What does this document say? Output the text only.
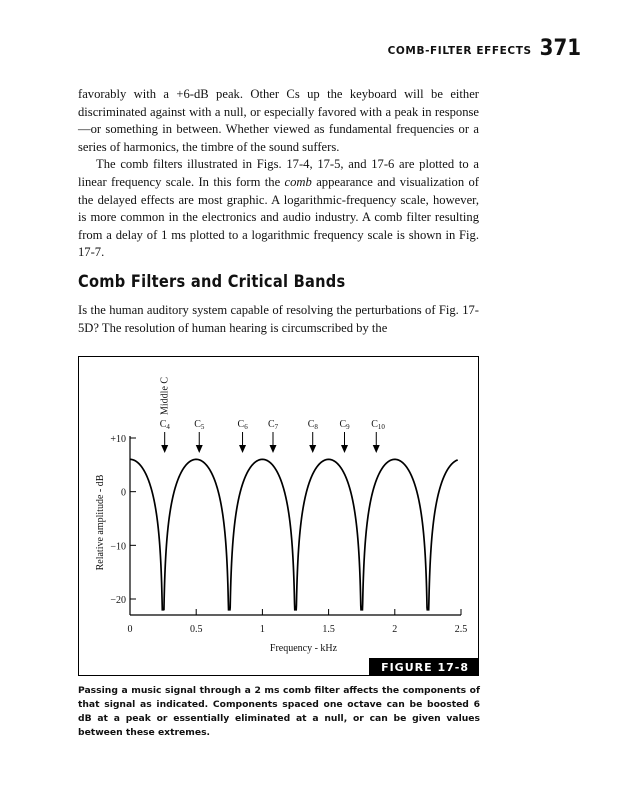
COMB-FILTER EFFECTS 371

favorably with a +6-dB peak. Other Cs up the keyboard will be either discriminated against with a null, or especially favored with a peak in response—or something in between. Whether viewed as fundamental frequencies or a series of harmonics, the timbre of the sound suffers.

The comb filters illustrated in Figs. 17-4, 17-5, and 17-6 are plotted to a linear frequency scale. In this form the comb appearance and visualization of the delayed effects are most graphic. A logarithmic-frequency scale, however, is more common in the electronics and audio industry. A comb filter resulting from a delay of 1 ms plotted to a logarithmic frequency scale is shown in Fig. 17-7.

Comb Filters and Critical Bands

Is the human auditory system capable of resolving the perturbations of Fig. 17-5D? The resolution of human hearing is circumscribed by the

+10
0
−10
−20
0	0.5	1	1.5	2	2.5
Frequency - kHz
Relative amplitude - dB
Middle C
$C_4$ $C_5$	$C_6$ $C_7$	$C_8$ $C_9$ $C_{10}$
FIGURE 17-8

Passing a music signal through a 2 ms comb filter affects the components of that signal as indicated. Components spaced one octave can be boosted 6 dB at a peak or essentially eliminated at a null, or can be given values between these extremes.
